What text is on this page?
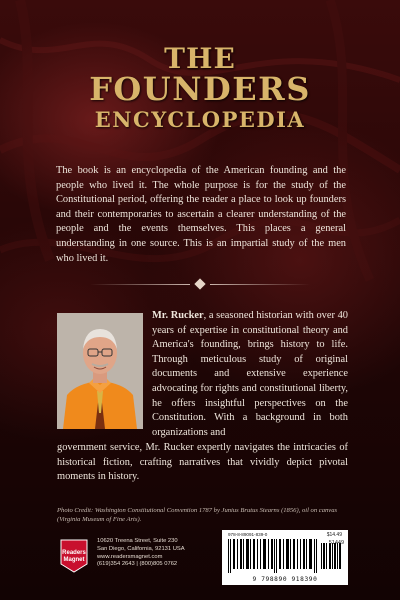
THE
FOUNDERS
ENCYCLOPEDIA

The book is an encyclopedia of the American founding and the people who lived it. The whole purpose is for the study of the Constitutional period, offering the reader a place to look up founders and their contemporaries to ascertain a clearer understanding of the people and the events themselves. This places a general understanding in one source. This is an impartial study of the men who lived it.

Mr. Rucker, a seasoned historian with over 40 years of expertise in constitutional theory and America's founding, brings history to life. Through meticulous study of original documents and extensive experience advocating for rights and constitutional liberty, he offers insightful perspectives on the Constitution. With a background in both organizations and

government service, Mr. Rucker expertly navigates the intricacies of historical fiction, crafting narratives that vividly depict pivotal moments in history.

Photo Credit: Washington Constitutional Convention 1787 by Junius Brutus Stearns (1856), oil on canvas (Virginia Museum of Fine Arts).

Readers
Magnet
10620 Treena Street, Suite 230
San Diego, California, 92131 USA
www.readersmagnet.com
(619)354 2643 | (800)805 0762
978-8-89091-839-0	$14.49
51449
9 798890 918390
